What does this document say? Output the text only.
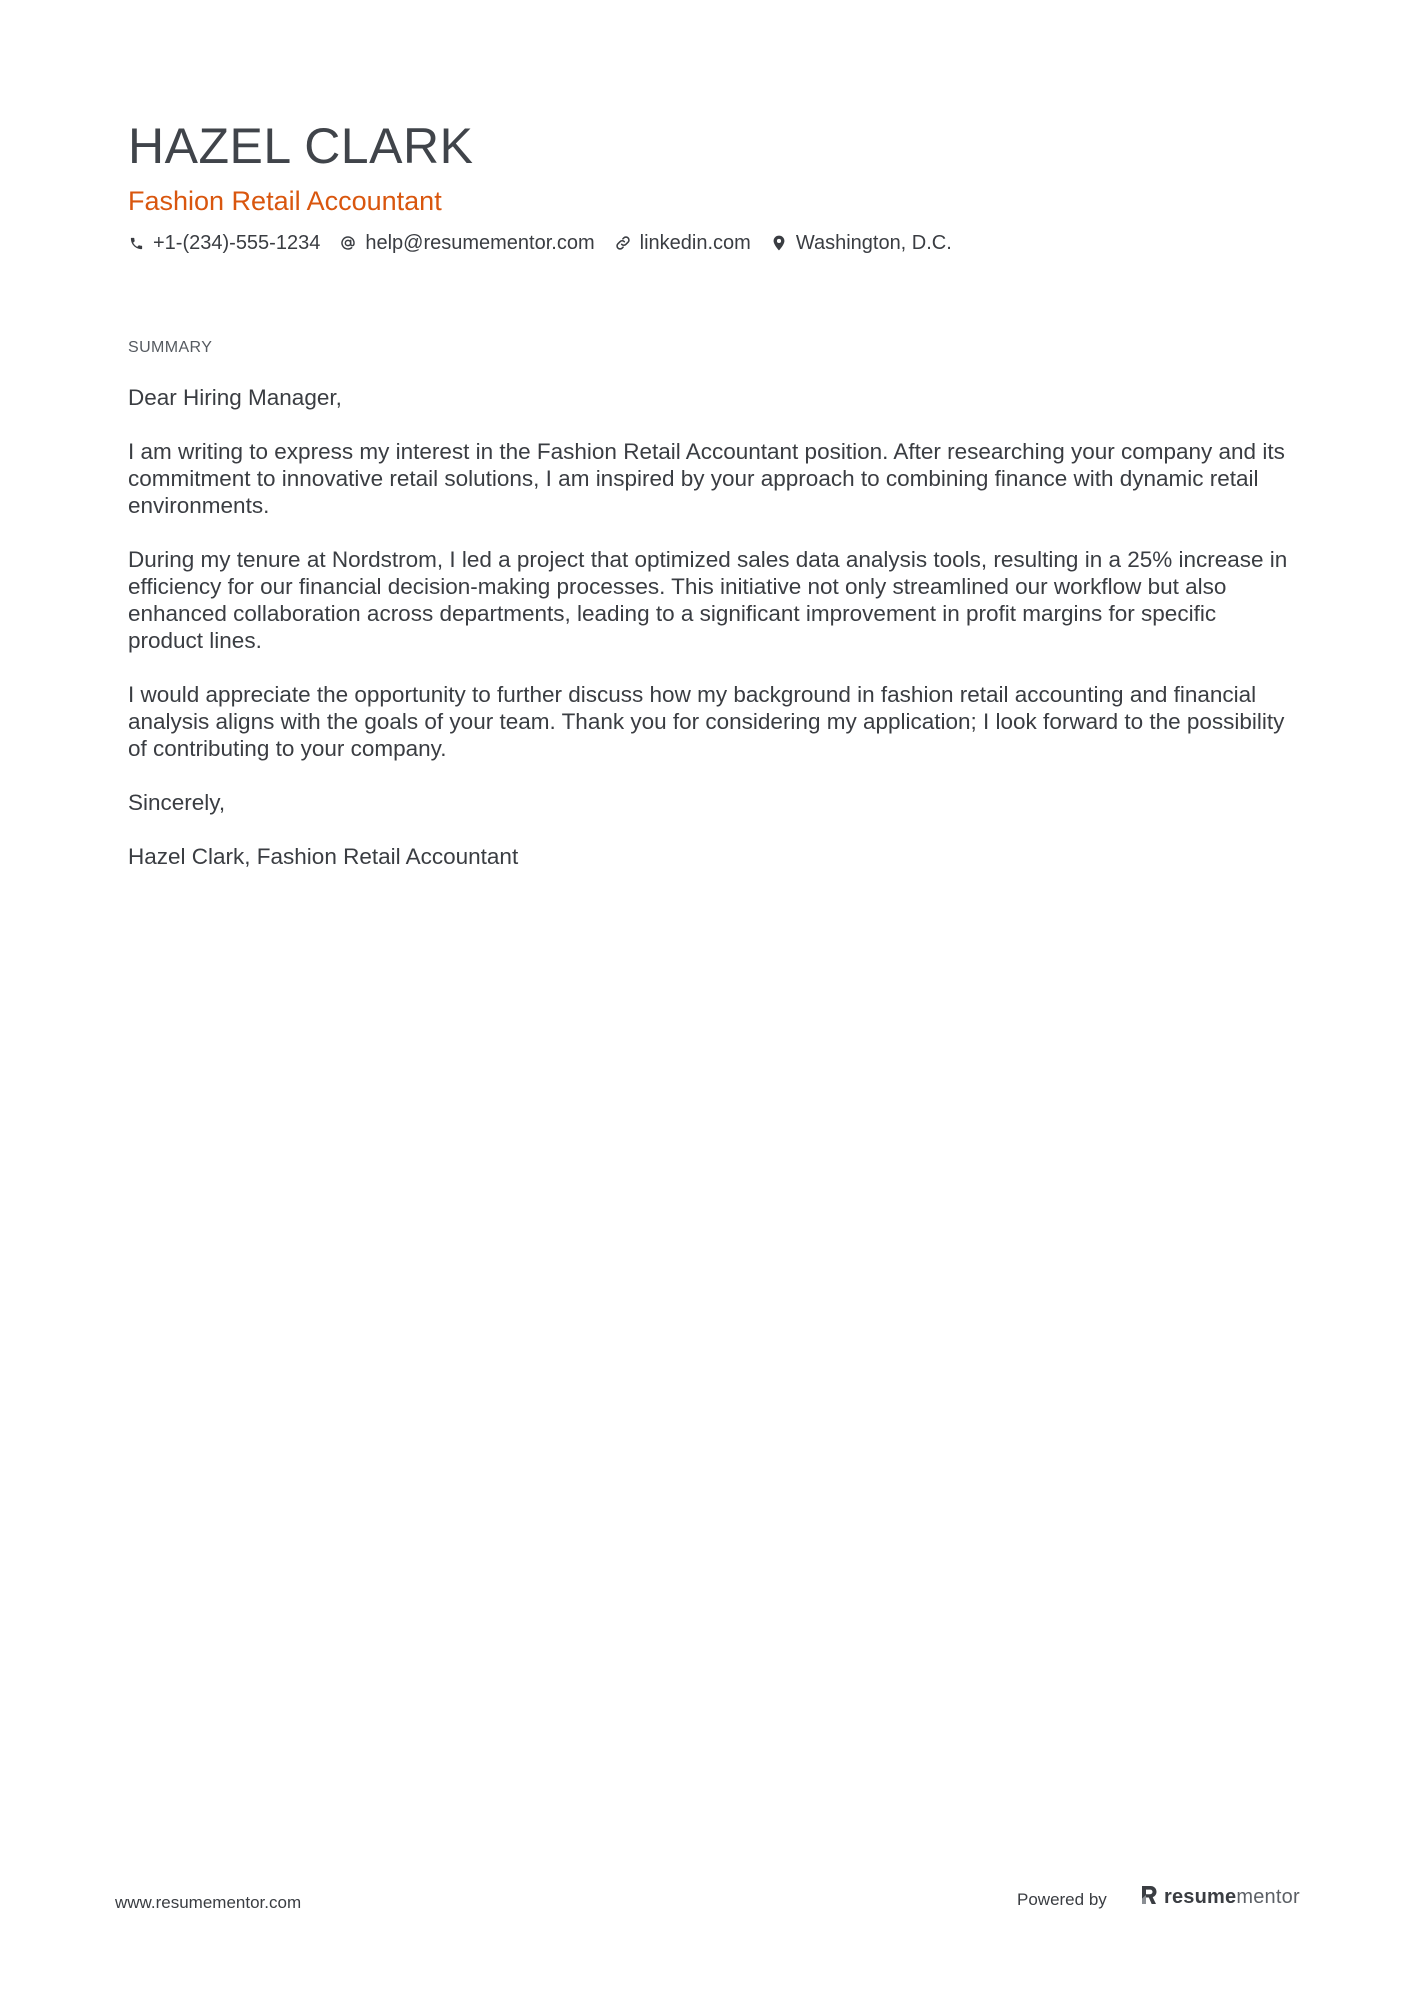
HAZEL CLARK
Fashion Retail Accountant
+1-(234)-555-1234 help@resumementor.com linkedin.com Washington, D.C.
SUMMARY

Dear Hiring Manager,

I am writing to express my interest in the Fashion Retail Accountant position. After researching your company and its commitment to innovative retail solutions, I am inspired by your approach to combining finance with dynamic retail environments.

During my tenure at Nordstrom, I led a project that optimized sales data analysis tools, resulting in a 25% increase in efficiency for our financial decision-making processes. This initiative not only streamlined our workflow but also enhanced collaboration across departments, leading to a significant improvement in profit margins for specific product lines.

I would appreciate the opportunity to further discuss how my background in fashion retail accounting and financial analysis aligns with the goals of your team. Thank you for considering my application; I look forward to the possibility of contributing to your company.

Sincerely,

Hazel Clark, Fashion Retail Accountant

www.resumementor.com	Powered by	resumementor
